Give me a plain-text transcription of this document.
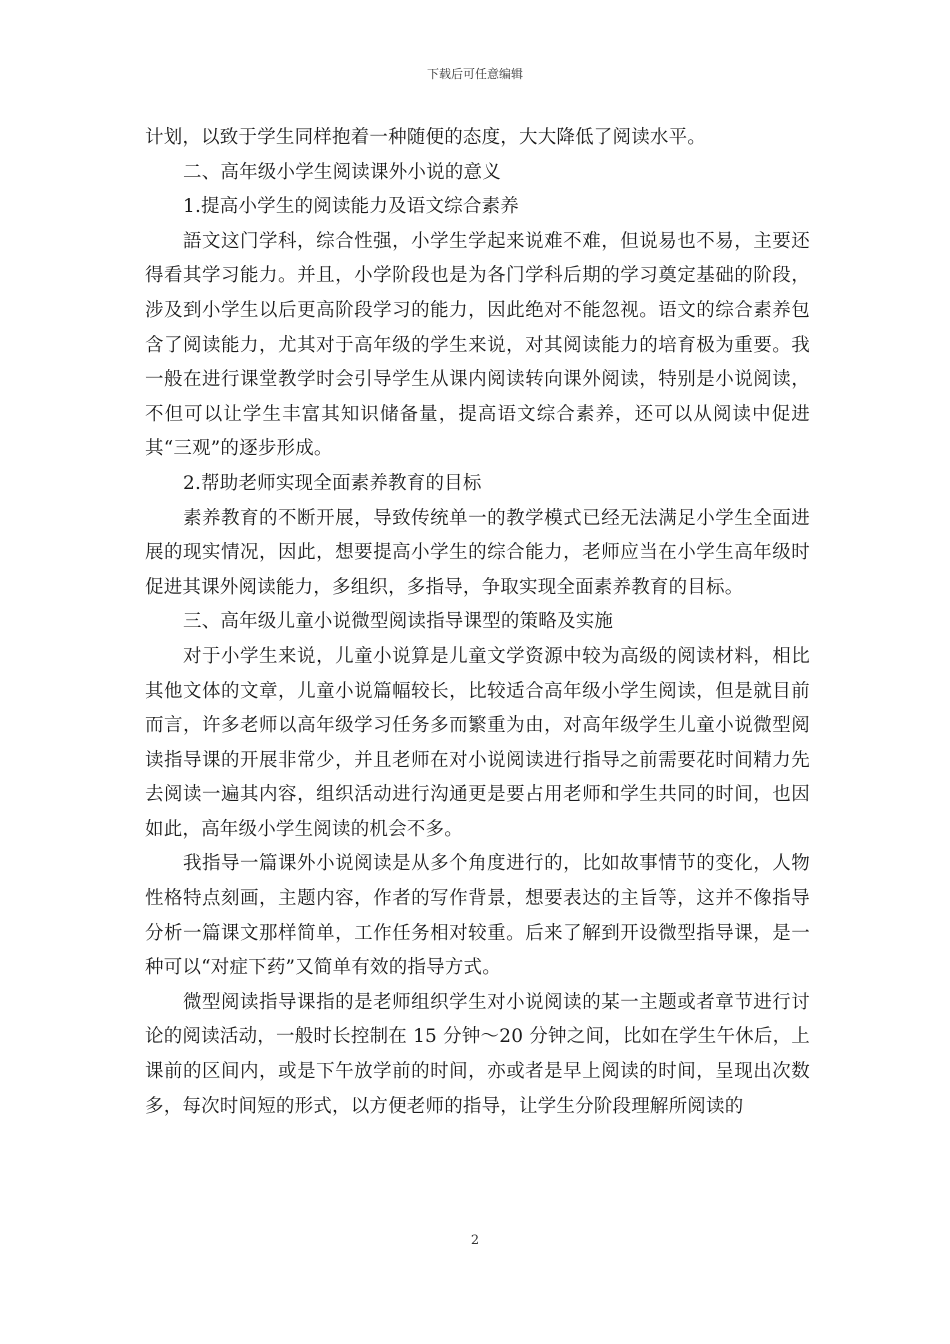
下载后可任意编辑

计划，以致于学生同样抱着一种随便的态度，大大降低了阅读水平。

二、高年级小学生阅读课外小说的意义

1.提高小学生的阅读能力及语文综合素养

語文这门学科，综合性强，小学生学起来说难不难，但说易也不易，主要还得看其学习能力。并且，小学阶段也是为各门学科后期的学习奠定基础的阶段，涉及到小学生以后更高阶段学习的能力，因此绝对不能忽视。语文的综合素养包含了阅读能力，尤其对于高年级的学生来说，对其阅读能力的培育极为重要。我一般在进行课堂教学时会引导学生从课内阅读转向课外阅读，特别是小说阅读，不但可以让学生丰富其知识储备量，提高语文综合素养，还可以从阅读中促进其“三观”的逐步形成。

2.帮助老师实现全面素养教育的目标

素养教育的不断开展，导致传统单一的教学模式已经无法满足小学生全面进展的现实情况，因此，想要提高小学生的综合能力，老师应当在小学生高年级时促进其课外阅读能力，多组织，多指导，争取实现全面素养教育的目标。

三、高年级儿童小说微型阅读指导课型的策略及实施

对于小学生来说，儿童小说算是儿童文学资源中较为高级的阅读材料，相比其他文体的文章，儿童小说篇幅较长，比较适合高年级小学生阅读，但是就目前而言，许多老师以高年级学习任务多而繁重为由，对高年级学生儿童小说微型阅读指导课的开展非常少，并且老师在对小说阅读进行指导之前需要花时间精力先去阅读一遍其内容，组织活动进行沟通更是要占用老师和学生共同的时间，也因如此，高年级小学生阅读的机会不多。

我指导一篇课外小说阅读是从多个角度进行的，比如故事情节的变化，人物性格特点刻画，主题内容，作者的写作背景，想要表达的主旨等，这并不像指导分析一篇课文那样简单，工作任务相对较重。后来了解到开设微型指导课，是一种可以“对症下药”又简单有效的指导方式。

微型阅读指导课指的是老师组织学生对小说阅读的某一主题或者章节进行讨论的阅读活动，一般时长控制在 15 分钟～20 分钟之间，比如在学生午休后，上课前的区间内，或是下午放学前的时间，亦或者是早上阅读的时间，呈现出次数多，每次时间短的形式，以方便老师的指导，让学生分阶段理解所阅读的

2
